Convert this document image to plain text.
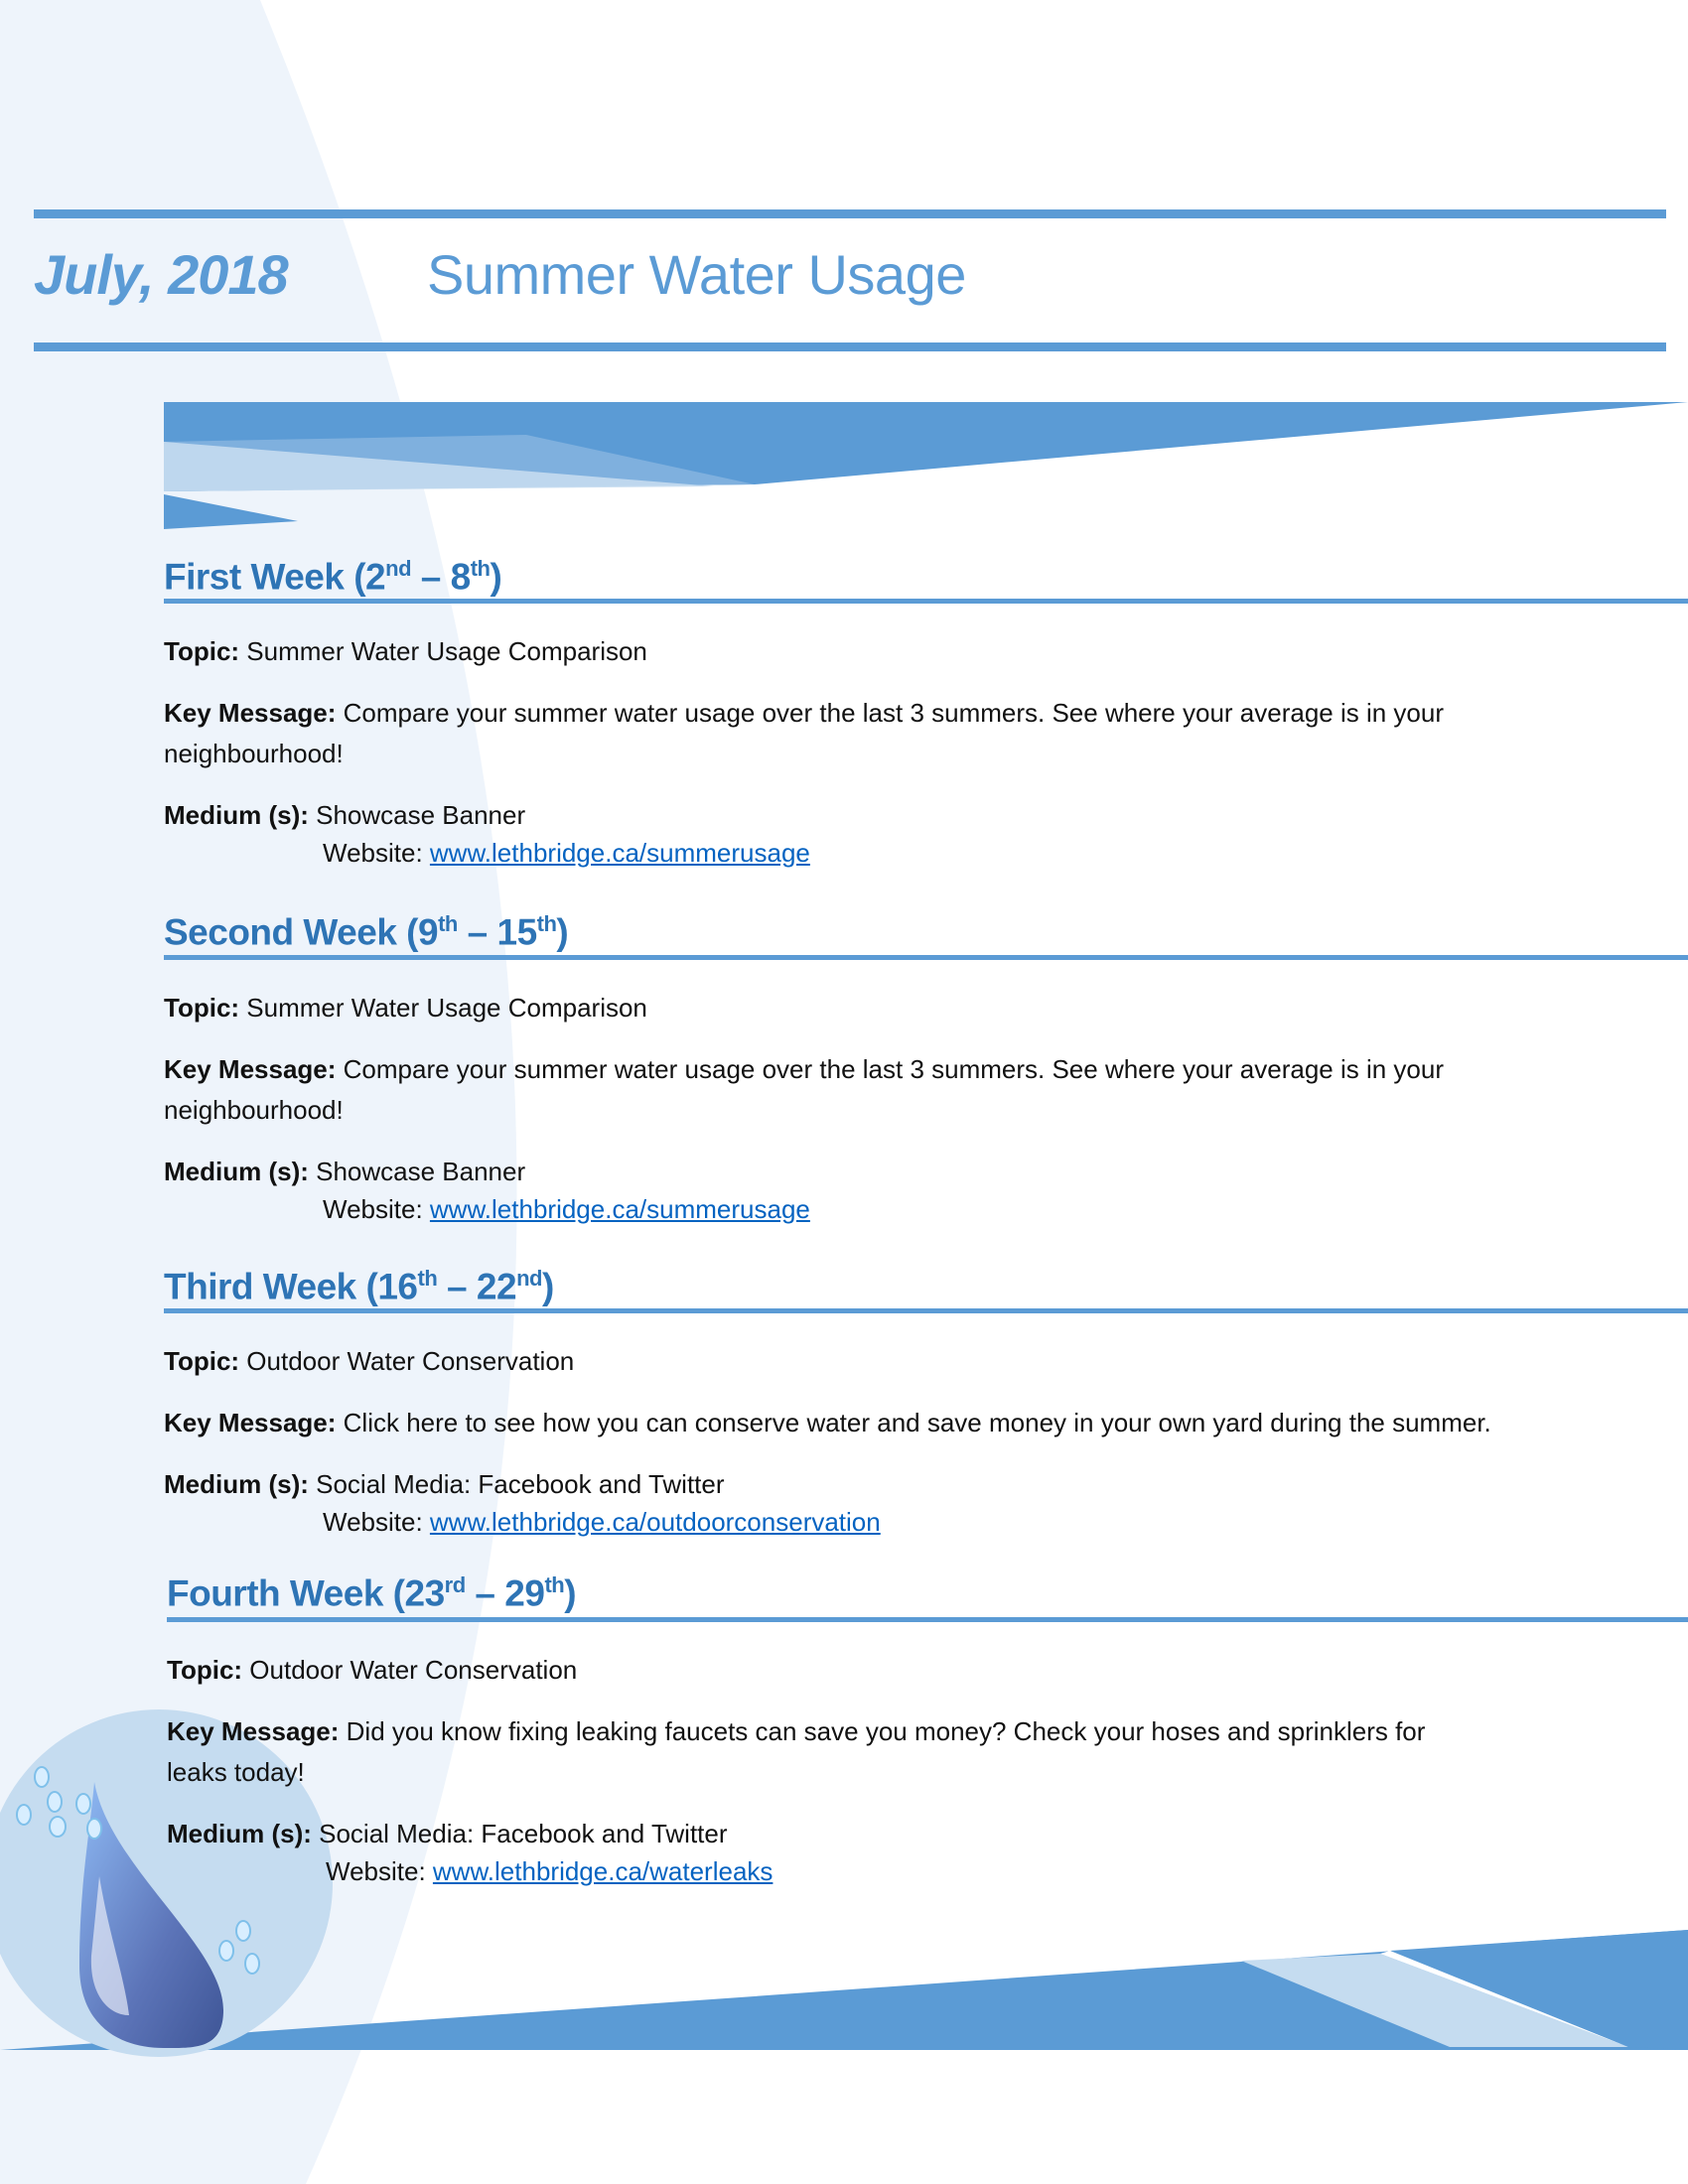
July, 2018	Summer Water Usage
First Week (2nd – 8th)
Topic: Summer Water Usage Comparison
Key Message: Compare your summer water usage over the last 3 summers. See where your average is in your
neighbourhood!
Medium (s): Showcase Banner
Website: www.lethbridge.ca/summerusage
Second Week (9th – 15th)
Topic: Summer Water Usage Comparison
Key Message: Compare your summer water usage over the last 3 summers. See where your average is in your
neighbourhood!
Medium (s): Showcase Banner
Website: www.lethbridge.ca/summerusage
Third Week (16th – 22nd)
Topic: Outdoor Water Conservation
Key Message: Click here to see how you can conserve water and save money in your own yard during the summer.
Medium (s): Social Media: Facebook and Twitter
Website: www.lethbridge.ca/outdoorconservation
Fourth Week (23rd – 29th)
Topic: Outdoor Water Conservation
Key Message: Did you know fixing leaking faucets can save you money? Check your hoses and sprinklers for
leaks today!
Medium (s): Social Media: Facebook and Twitter
Website: www.lethbridge.ca/waterleaks
